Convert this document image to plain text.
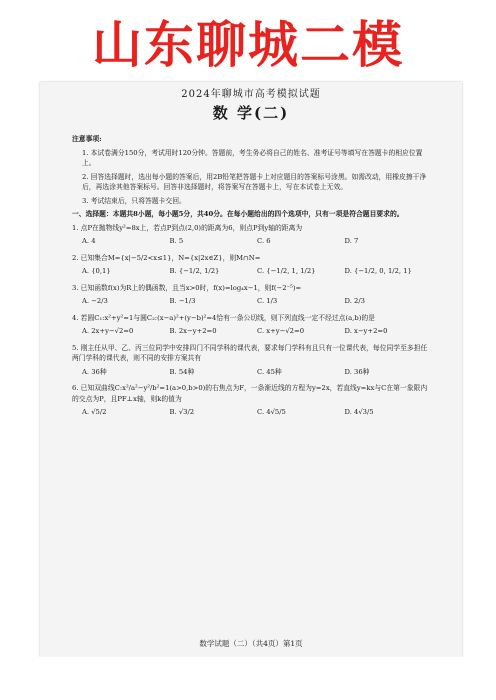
山东聊城二模
2024年聊城市高考模拟试题
数 学(二)

注意事项:

1. 本试卷满分150分，考试用时120分钟。答题前，考生务必将自己的姓名、准考证号等填写在答题卡的相应位置上。

2. 回答选择题时，选出每小题的答案后，用2B铅笔把答题卡上对应题目的答案标号涂黑。如需改动，用橡皮擦干净后，再选涂其他答案标号。回答非选择题时，将答案写在答题卡上，写在本试卷上无效。

3. 考试结束后，只将答题卡交回。

一、选择题：本题共8小题，每小题5分，共40分。在每小题给出的四个选项中，只有一项是符合题目要求的。

1. 点P在抛物线y²=8x上，若点P到点(2,0)的距离为6，则点P到y轴的距离为

A. 4	B. 5	C. 6	D. 7

2. 已知集合M={x|−5/2<x≤1}，N={x|2x∈Z}，则M∩N=

A. {0,1}	B. {−1/2, 1/2}	C. {−1/2, 1, 1/2}	D. {−1/2, 0, 1/2, 1}

3. 已知函数f(x)为R上的偶函数，且当x>0时，f(x)=log₄x−1，则f(−2⁻⁵)=

A. −2/3	B. −1/3	C. 1/3	D. 2/3

4. 若圆C₁:x²+y²=1与圆C₂:(x−a)²+(y−b)²=4恰有一条公切线，则下列直线一定不经过点(a,b)的是

A. 2x+y−√2=0	B. 2x−y+2=0	C. x+y−√2=0	D. x−y+2=0

5. 刚主任从甲、乙、丙三位同学中安排四门不同学科的课代表，要求每门学科有且只有一位课代表，每位同学至多担任两门学科的课代表，则不同的安排方案共有

A. 36种	B. 54种	C. 45种	D. 36种

6. 已知双曲线C:x²/a²−y²/b²=1(a>0,b>0)的右焦点为F，一条渐近线的方程为y=2x，若直线y=kx与C在第一象限内的交点为P，且PF⊥x轴，则k的值为

A. √5/2	B. √3/2	C. 4√5/5	D. 4√3/5
数学试题（二）（共4页）第1页
